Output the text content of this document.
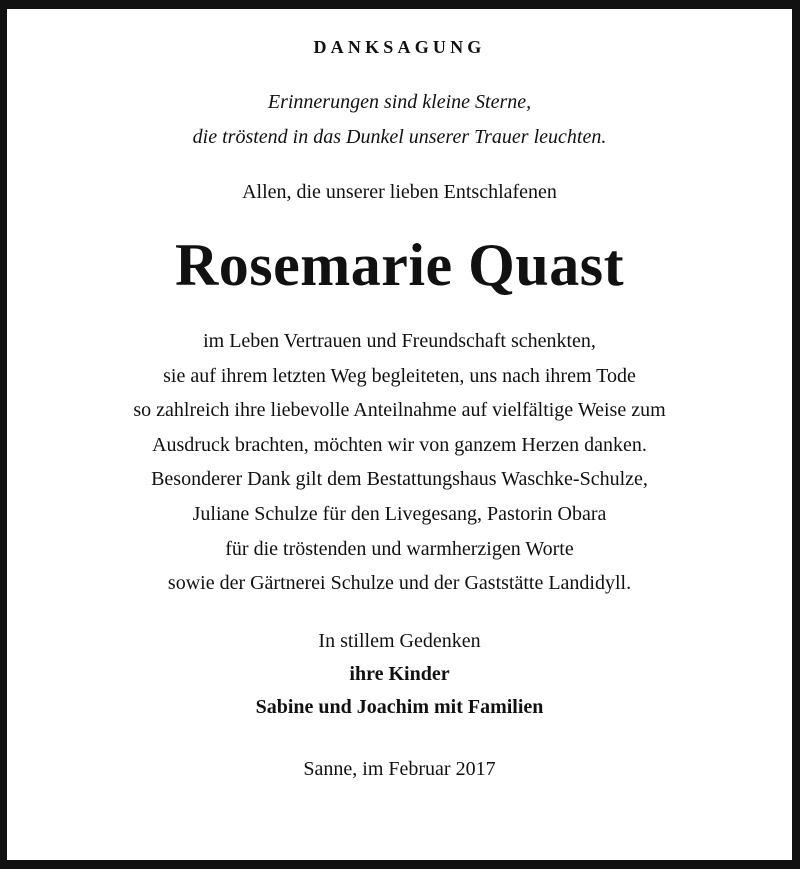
DANKSAGUNG
Erinnerungen sind kleine Sterne,
die tröstend in das Dunkel unserer Trauer leuchten.
Allen, die unserer lieben Entschlafenen
Rosemarie Quast
im Leben Vertrauen und Freundschaft schenkten,
sie auf ihrem letzten Weg begleiteten, uns nach ihrem Tode
so zahlreich ihre liebevolle Anteilnahme auf vielfältige Weise zum
Ausdruck brachten, möchten wir von ganzem Herzen danken.
Besonderer Dank gilt dem Bestattungshaus Waschke-Schulze,
Juliane Schulze für den Livegesang, Pastorin Obara
für die tröstenden und warmherzigen Worte
sowie der Gärtnerei Schulze und der Gaststätte Landidyll.
In stillem Gedenken
ihre Kinder
Sabine und Joachim mit Familien
Sanne, im Februar 2017
